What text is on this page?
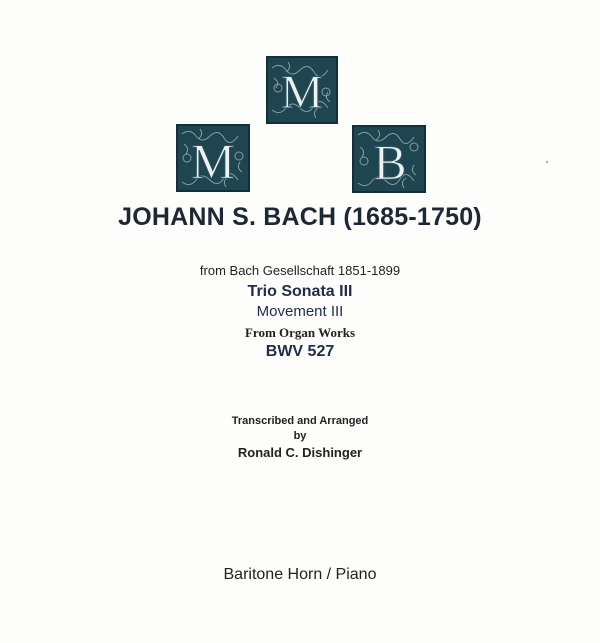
M
M	B
JOHANN S. BACH (1685-1750)
from Bach Gesellschaft 1851-1899
Trio Sonata III
Movement III
From Organ Works
BWV 527
Transcribed and Arranged
by
Ronald C. Dishinger
Baritone Horn / Piano
